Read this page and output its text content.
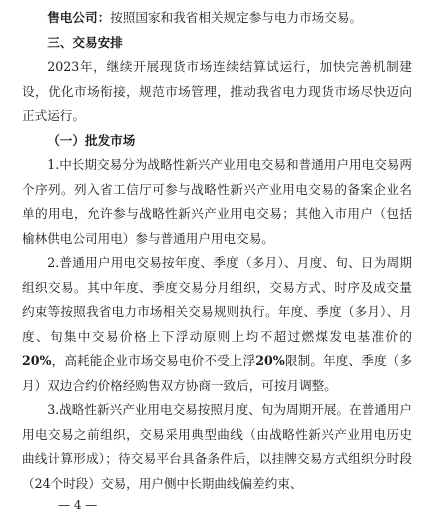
售电公司：按照国家和我省相关规定参与电力市场交易。

三、交易安排

2023年，继续开展现货市场连续结算试运行，加快完善机制建设，优化市场衔接，规范市场管理，推动我省电力现货市场尽快迈向正式运行。

（一）批发市场

1.中长期交易分为战略性新兴产业用电交易和普通用户用电交易两个序列。列入省工信厅可参与战略性新兴产业用电交易的备案企业名单的用电，允许参与战略性新兴产业用电交易；其他入市用户（包括榆林供电公司用电）参与普通用户用电交易。

2.普通用户用电交易按年度、季度（多月）、月度、旬、日为周期组织交易。其中年度、季度交易分月组织，交易方式、时序及成交量约束等按照我省电力市场相关交易规则执行。年度、季度（多月）、月度、旬集中交易价格上下浮动原则上均不超过燃煤发电基准价的20%，高耗能企业市场交易电价不受上浮20%限制。年度、季度（多月）双边合约价格经购售双方协商一致后，可按月调整。

3.战略性新兴产业用电交易按照月度、旬为周期开展。在普通用户用电交易之前组织，交易采用典型曲线（由战略性新兴产业用电历史曲线计算形成）；待交易平台具备条件后，以挂牌交易方式组织分时段（24个时段）交易，用户侧中长期曲线偏差约束、

— 4 —
